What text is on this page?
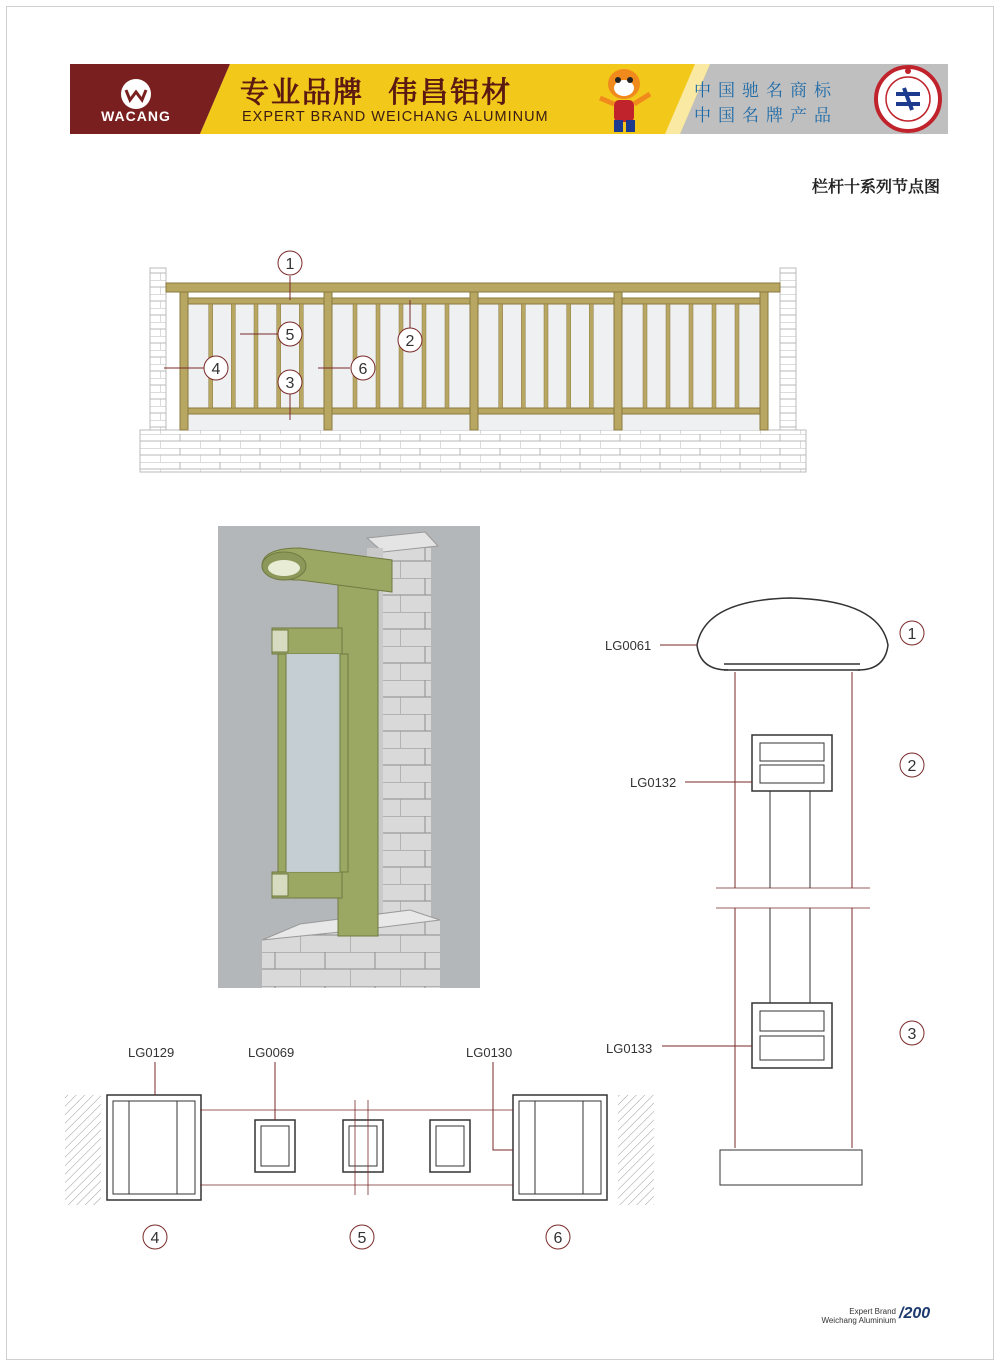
WACANG
专业品牌  伟昌铝材
EXPERT BRAND WEICHANG ALUMINUM
中国驰名商标
中国名牌产品
栏杆十系列节点图
1
2
3
4
5
6
LG0061
LG0132
LG0133
1
2
3
LG0129	LG0069	LG0130
4	5	6
Expert Brand
Weichang Aluminium /200
